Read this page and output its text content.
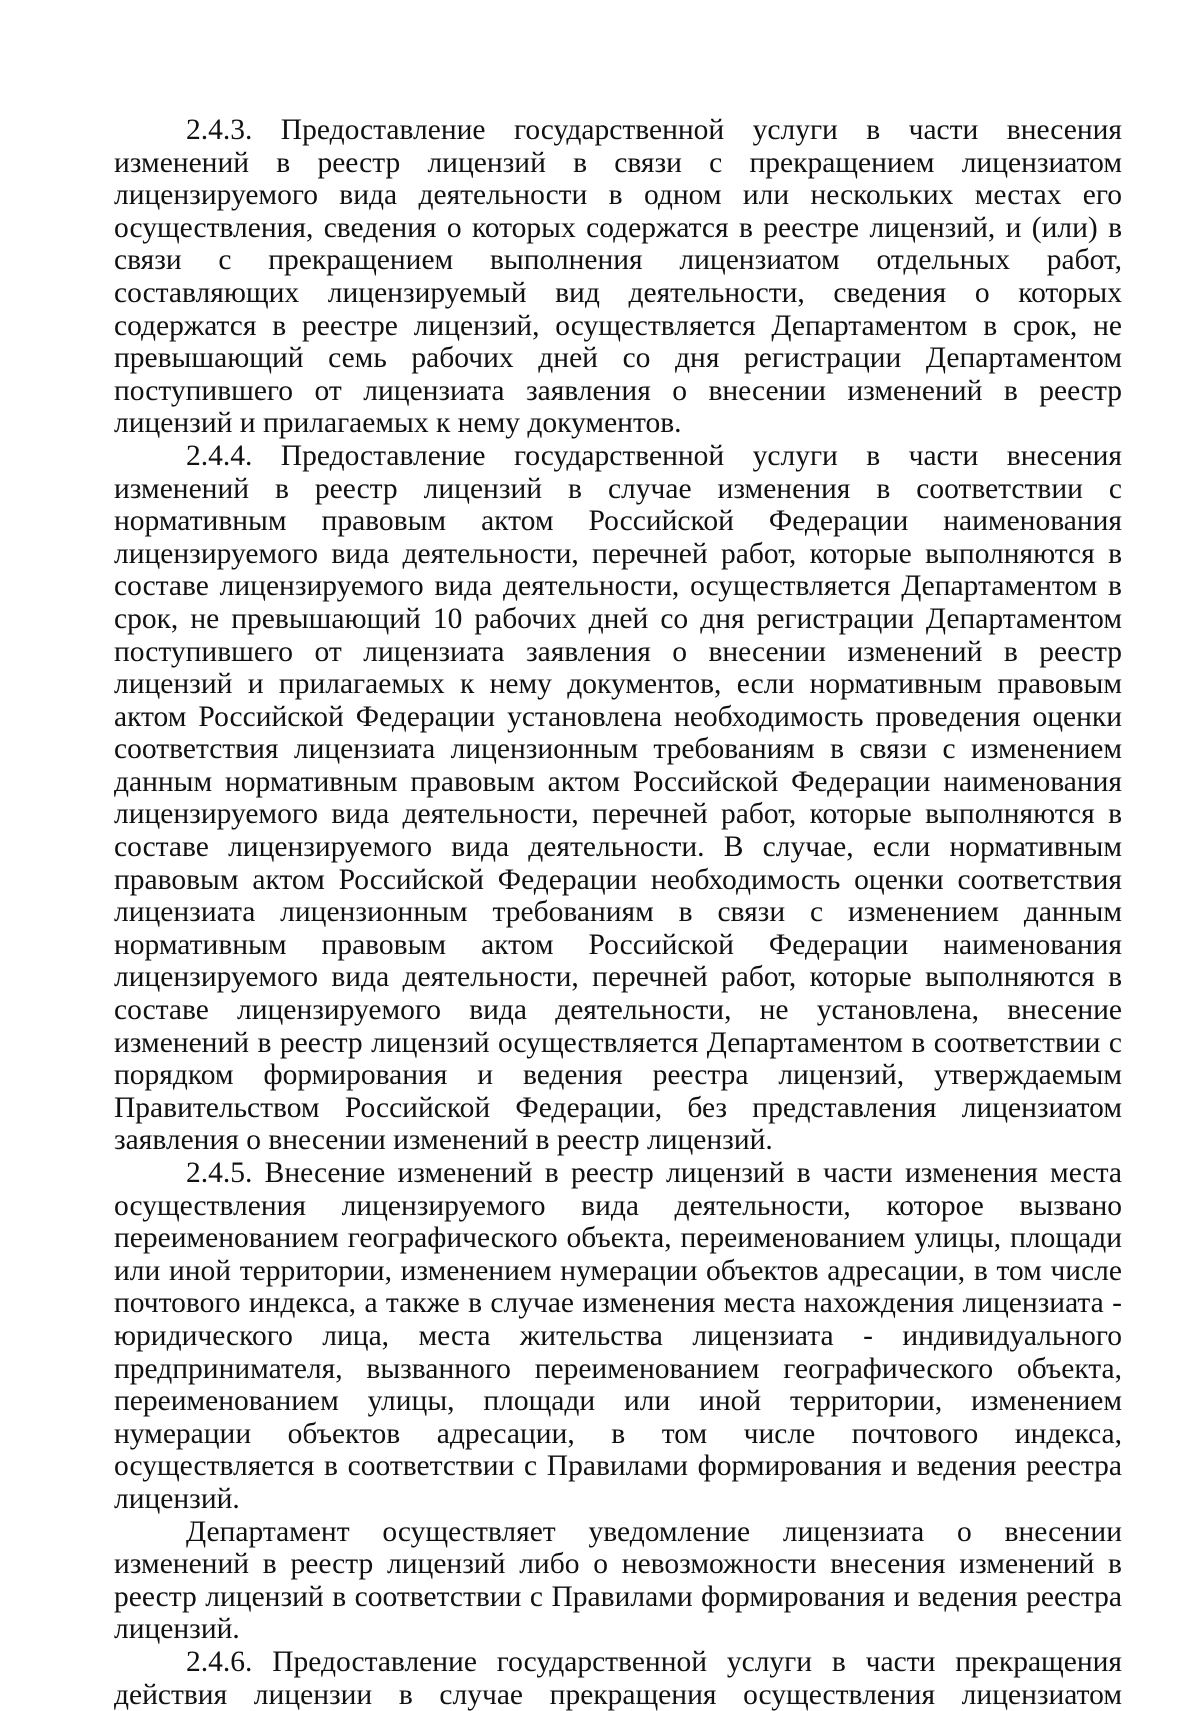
2.4.3. Предоставление государственной услуги в части внесения изменений в реестр лицензий в связи с прекращением лицензиатом лицензируемого вида деятельности в одном или нескольких местах его осуществления, сведения о которых содержатся в реестре лицензий, и (или) в связи с прекращением выполнения лицензиатом отдельных работ, составляющих лицензируемый вид деятельности, сведения о которых содержатся в реестре лицензий, осуществляется Департаментом в срок, не превышающий семь рабочих дней со дня регистрации Департаментом поступившего от лицензиата заявления о внесении изменений в реестр лицензий и прилагаемых к нему документов.

2.4.4. Предоставление государственной услуги в части внесения изменений в реестр лицензий в случае изменения в соответствии с нормативным правовым актом Российской Федерации наименования лицензируемого вида деятельности, перечней работ, которые выполняются в составе лицензируемого вида деятельности, осуществляется Департаментом в срок, не превышающий 10 рабочих дней со дня регистрации Департаментом поступившего от лицензиата заявления о внесении изменений в реестр лицензий и прилагаемых к нему документов, если нормативным правовым актом Российской Федерации установлена необходимость проведения оценки соответствия лицензиата лицензионным требованиям в связи с изменением данным нормативным правовым актом Российской Федерации наименования лицензируемого вида деятельности, перечней работ, которые выполняются в составе лицензируемого вида деятельности. В случае, если нормативным правовым актом Российской Федерации необходимость оценки соответствия лицензиата лицензионным требованиям в связи с изменением данным нормативным правовым актом Российской Федерации наименования лицензируемого вида деятельности, перечней работ, которые выполняются в составе лицензируемого вида деятельности, не установлена, внесение изменений в реестр лицензий осуществляется Департаментом в соответствии с порядком формирования и ведения реестра лицензий, утверждаемым Правительством Российской Федерации, без представления лицензиатом заявления о внесении изменений в реестр лицензий.

2.4.5. Внесение изменений в реестр лицензий в части изменения места осуществления лицензируемого вида деятельности, которое вызвано переименованием географического объекта, переименованием улицы, площади или иной территории, изменением нумерации объектов адресации, в том числе почтового индекса, а также в случае изменения места нахождения лицензиата - юридического лица, места жительства лицензиата - индивидуального предпринимателя, вызванного переименованием географического объекта, переименованием улицы, площади или иной территории, изменением нумерации объектов адресации, в том числе почтового индекса, осуществляется в соответствии с Правилами формирования и ведения реестра лицензий.

Департамент осуществляет уведомление лицензиата о внесении изменений в реестр лицензий либо о невозможности внесения изменений в реестр лицензий в соответствии с Правилами формирования и ведения реестра лицензий.

2.4.6. Предоставление государственной услуги в части прекращения действия лицензии в случае прекращения осуществления лицензиатом
